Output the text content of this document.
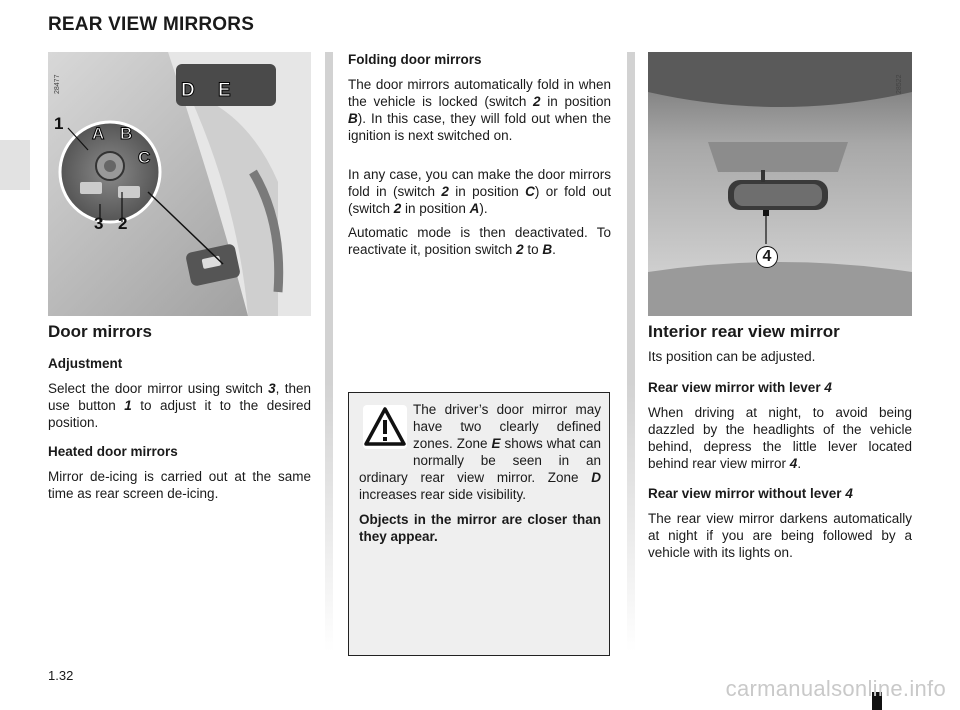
REAR VIEW MIRRORS
28477	D E
1
A B
C
3 2
Door mirrors
Adjustment
Select the door mirror using switch 3, then use button 1 to adjust it to the desired position.
Heated door mirrors
Mirror de-icing is carried out at the same time as rear screen de-icing.
Folding door mirrors
The door mirrors automatically fold in when the vehicle is locked (switch 2 in position B). In this case, they will fold out when the ignition is next switched on.
In any case, you can make the door mirrors fold in (switch 2 in position C) or fold out (switch 2 in position A).
Automatic mode is then deactivated. To reactivate it, position switch 2 to B.
The driver’s door mirror may have two clearly defined zones. Zone E shows what can normally be seen in an ordinary rear view mirror. Zone D increases rear side visibility.
Objects in the mirror are closer than they appear.
28522
4
Interior rear view mirror
Its position can be adjusted.
Rear view mirror with lever 4
When driving at night, to avoid being dazzled by the headlights of the vehicle behind, depress the little lever located behind rear view mirror 4.
Rear view mirror without lever 4
The rear view mirror darkens automatically at night if you are being followed by a vehicle with its lights on.
1.32
carmanualsonline.info
